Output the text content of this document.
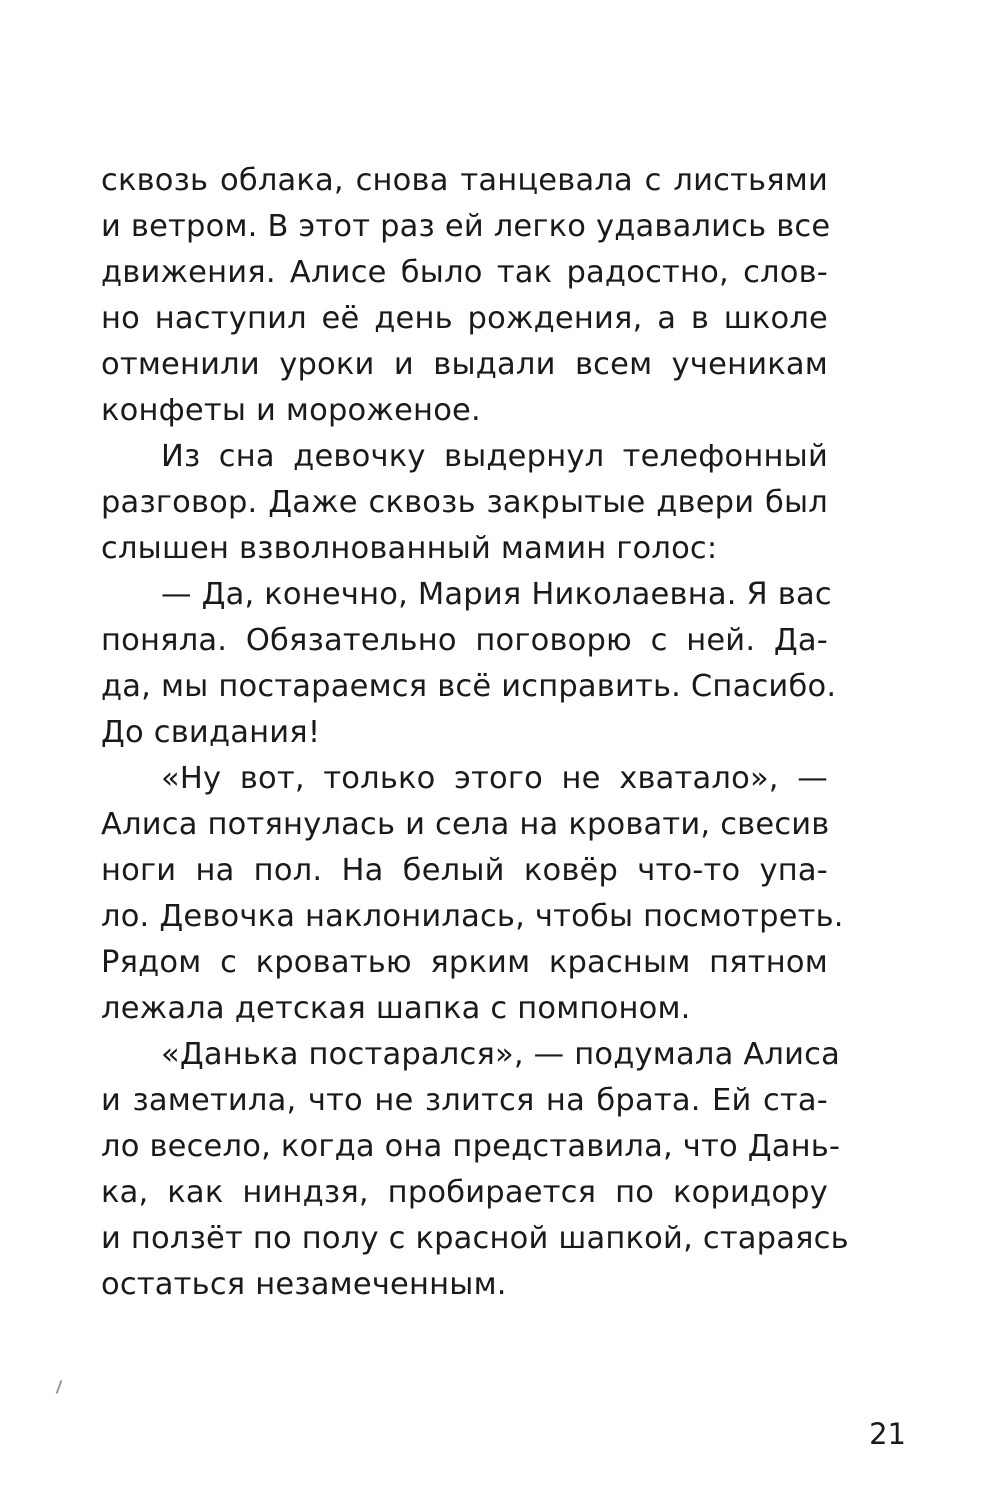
сквозь облака, снова танцевала с листьями
и ветром. В этот раз ей легко удавались все
движения. Алисе было так радостно, слов-
но наступил её день рождения, а в школе
отменили уроки и выдали всем ученикам
конфеты и мороженое.

Из сна девочку выдернул телефонный
разговор. Даже сквозь закрытые двери был
слышен взволнованный мамин голос:

— Да, конечно, Мария Николаевна. Я вас
поняла. Обязательно поговорю с ней. Да-
да, мы постараемся всё исправить. Спасибо.
До свидания!

«Ну вот, только этого не хватало», —
Алиса потянулась и села на кровати, свесив
ноги на пол. На белый ковёр что-то упа-
ло. Девочка наклонилась, чтобы посмотреть.
Рядом с кроватью ярким красным пятном
лежала детская шапка с помпоном.

«Данька постарался», — подумала Алиса
и заметила, что не злится на брата. Ей ста-
ло весело, когда она представила, что Дань-
ка, как ниндзя, пробирается по коридору
и ползёт по полу с красной шапкой, стараясь
остаться незамеченным.

21
